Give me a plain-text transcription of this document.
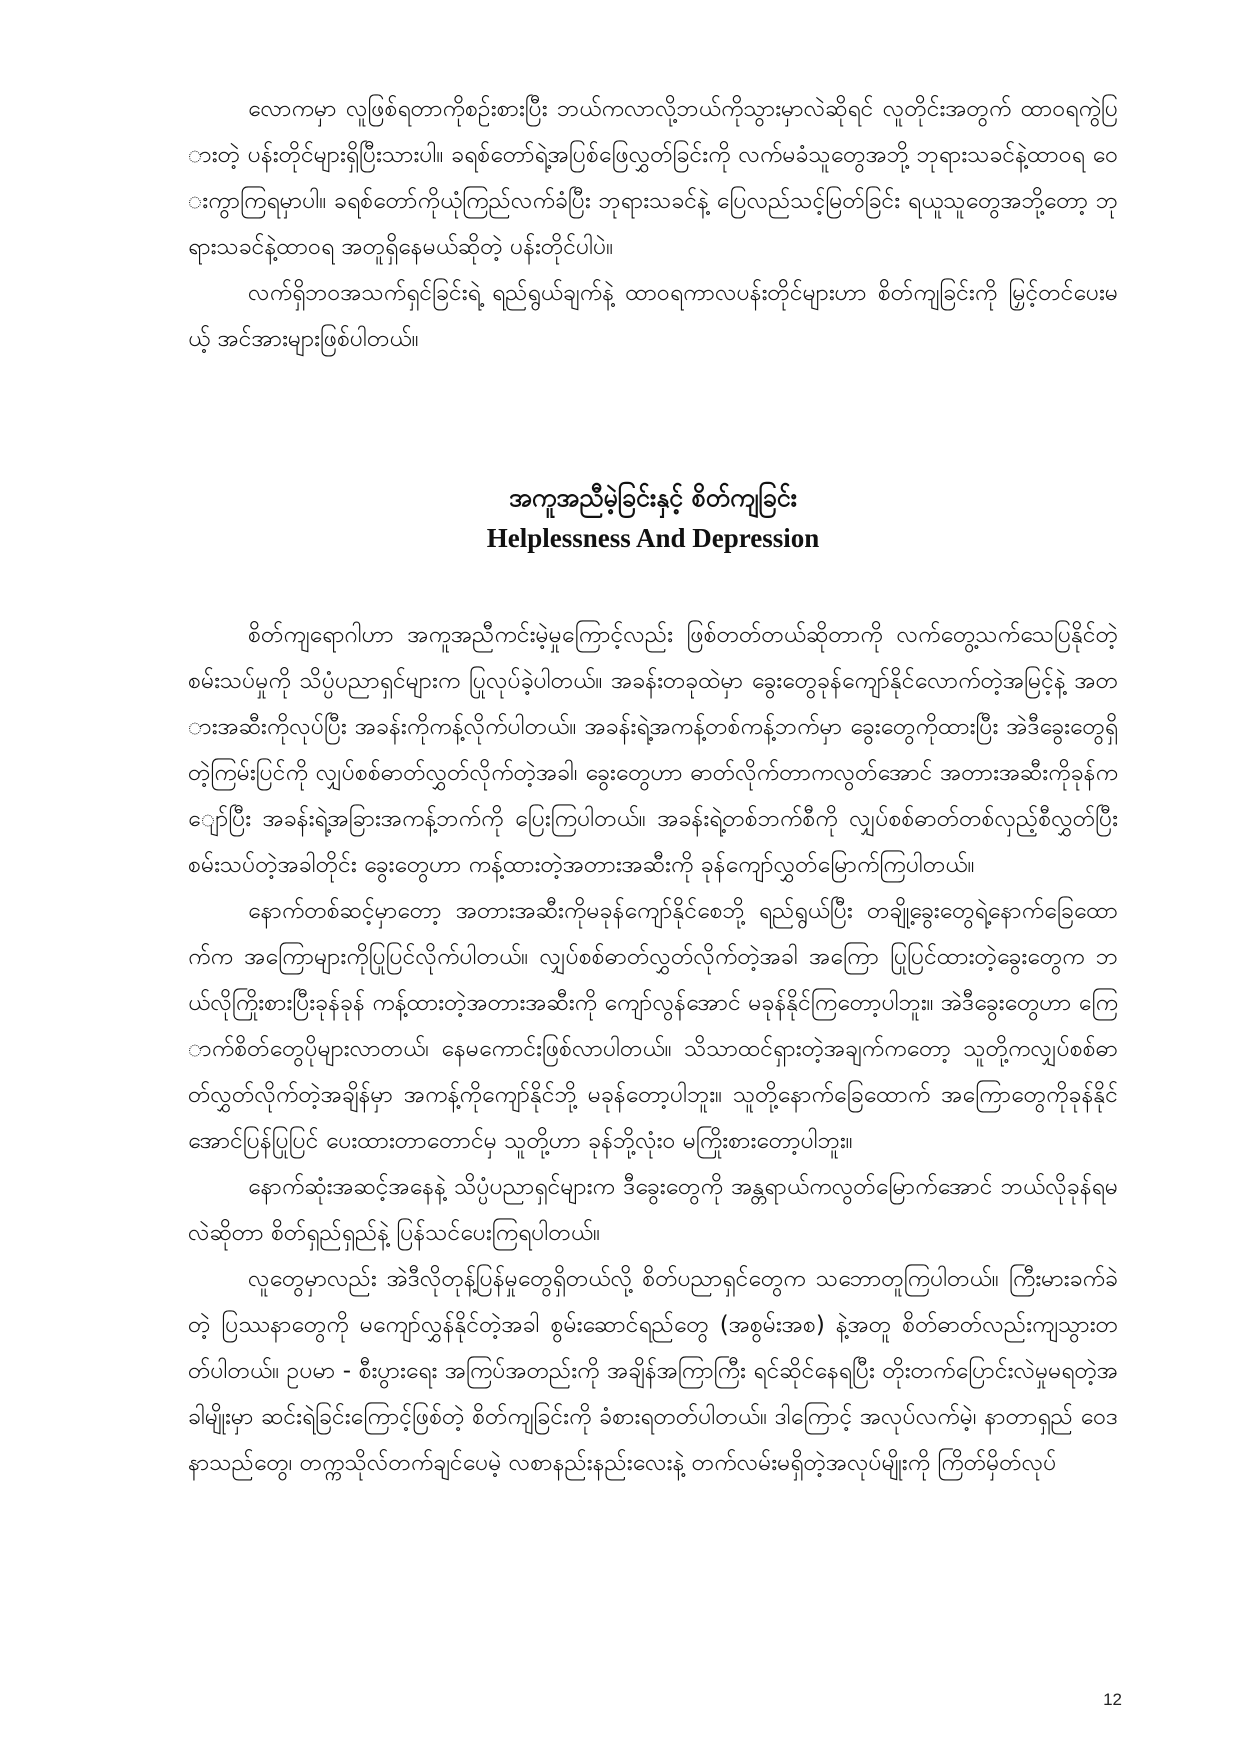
လောကမှာ လူဖြစ်ရတာကိုစဉ်းစားပြီး ဘယ်ကလာလို့ဘယ်ကိုသွားမှာလဲဆိုရင် လူတိုင်းအတွက် ထာဝရကွဲပြားတဲ့ ပန်းတိုင်များရှိပြီးသားပါ။ ခရစ်တော်ရဲ့အပြစ်ဖြေလွှတ်ခြင်းကို လက်မခံသူတွေအဘို့ ဘုရားသခင်နဲ့ထာဝရ ဝေးကွာကြရမှာပါ။ ခရစ်တော်ကိုယုံကြည်လက်ခံပြီး ဘုရားသခင်နဲ့ ပြေလည်သင့်မြတ်ခြင်း ရယူသူတွေအဘို့တော့ ဘုရားသခင်နဲ့ထာဝရ အတူရှိနေမယ်ဆိုတဲ့ ပန်းတိုင်ပါပဲ။

လက်ရှိဘဝအသက်ရှင်ခြင်းရဲ့ ရည်ရွယ်ချက်နဲ့ ထာဝရကာလပန်းတိုင်များဟာ စိတ်ကျခြင်းကို မြှင့်တင်ပေးမယ့် အင်အားများဖြစ်ပါတယ်။

အကူအညီမဲ့ခြင်းနှင့် စိတ်ကျခြင်း
Helplessness And Depression

စိတ်ကျရောဂါဟာ အကူအညီကင်းမဲ့မှုကြောင့်လည်း ဖြစ်တတ်တယ်ဆိုတာကို လက်တွေ့သက်သေပြနိုင်တဲ့ စမ်းသပ်မှုကို သိပ္ပံပညာရှင်များက ပြုလုပ်ခဲ့ပါတယ်။ အခန်းတခုထဲမှာ ခွေးတွေခုန်ကျော်နိုင်လောက်တဲ့အမြင့်နဲ့ အတားအဆီးကိုလုပ်ပြီး အခန်းကိုကန့်လိုက်ပါတယ်။ အခန်းရဲ့အကန့်တစ်ကန့်ဘက်မှာ ခွေးတွေကိုထားပြီး အဲဒီခွေးတွေရှိတဲ့ကြမ်းပြင်ကို လျှပ်စစ်ဓာတ်လွှတ်လိုက်တဲ့အခါ၊ ခွေးတွေဟာ ဓာတ်လိုက်တာကလွတ်အောင် အတားအဆီးကိုခုန်ကျော်ပြီး အခန်းရဲ့အခြားအကန့်ဘက်ကို ပြေးကြပါတယ်။ အခန်းရဲ့တစ်ဘက်စီကို လျှပ်စစ်ဓာတ်တစ်လှည့်စီလွှတ်ပြီး စမ်းသပ်တဲ့အခါတိုင်း ခွေးတွေဟာ ကန့်ထားတဲ့အတားအဆီးကို ခုန်ကျော်လွှတ်မြောက်ကြပါတယ်။

နောက်တစ်ဆင့်မှာတော့ အတားအဆီးကိုမခုန်ကျော်နိုင်စေဘို့ ရည်ရွယ်ပြီး တချို့ခွေးတွေရဲ့နောက်ခြေထောက်က အကြောများကိုပြုပြင်လိုက်ပါတယ်။ လျှပ်စစ်ဓာတ်လွှတ်လိုက်တဲ့အခါ အကြော ပြုပြင်ထားတဲ့ခွေးတွေက ဘယ်လိုကြိုးစားပြီးခုန်ခုန် ကန့်ထားတဲ့အတားအဆီးကို ကျော်လွန်အောင် မခုန်နိုင်ကြတော့ပါဘူး။ အဲဒီခွေးတွေဟာ ကြောက်စိတ်တွေပိုများလာတယ်၊ နေမကောင်းဖြစ်လာပါတယ်။ သိသာထင်ရှားတဲ့အချက်ကတော့ သူတို့ကလျှပ်စစ်ဓာတ်လွှတ်လိုက်တဲ့အချိန်မှာ အကန့်ကိုကျော်နိုင်ဘို့ မခုန်တော့ပါဘူး။ သူတို့နောက်ခြေထောက် အကြောတွေကိုခုန်နိုင်အောင်ပြန်ပြုပြင် ပေးထားတာတောင်မှ သူတို့ဟာ ခုန်ဘို့လုံးဝ မကြိုးစားတော့ပါဘူး။

နောက်ဆုံးအဆင့်အနေနဲ့ သိပ္ပံပညာရှင်များက ဒီခွေးတွေကို အန္တရာယ်ကလွတ်မြောက်အောင် ဘယ်လိုခုန်ရမလဲဆိုတာ စိတ်ရှည်ရှည်နဲ့ ပြန်သင်ပေးကြရပါတယ်။

လူတွေမှာလည်း အဲဒီလိုတုန့်ပြန်မှုတွေရှိတယ်လို့ စိတ်ပညာရှင်တွေက သဘောတူကြပါတယ်။ ကြီးမားခက်ခဲတဲ့ ပြဿနာတွေကို မကျော်လွှန်နိုင်တဲ့အခါ စွမ်းဆောင်ရည်တွေ (အစွမ်းအစ) နဲ့အတူ စိတ်ဓာတ်လည်းကျသွားတတ်ပါတယ်။ ဥပမာ - စီးပွားရေး အကြပ်အတည်းကို အချိန်အကြာကြီး ရင်ဆိုင်နေရပြီး တိုးတက်ပြောင်းလဲမှုမရတဲ့အခါမျိုးမှာ ဆင်းရဲခြင်းကြောင့်ဖြစ်တဲ့ စိတ်ကျခြင်းကို ခံစားရတတ်ပါတယ်။ ဒါကြောင့် အလုပ်လက်မဲ့၊ နာတာရှည် ဝေဒနာသည်တွေ၊ တက္ကသိုလ်တက်ချင်ပေမဲ့ လစာနည်းနည်းလေးနဲ့ တက်လမ်းမရှိတဲ့အလုပ်မျိုးကို ကြိတ်မှိတ်လုပ်

12
